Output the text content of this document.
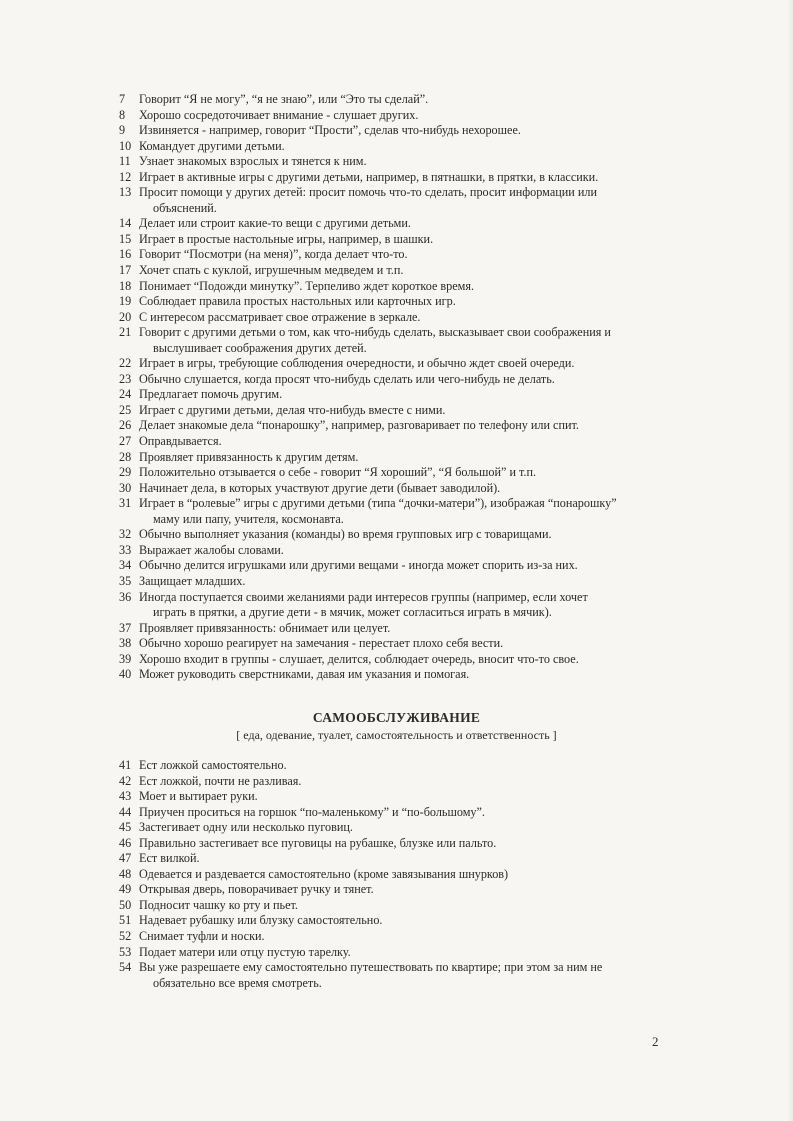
7	Говорит “Я не могу”, “я не знаю”, или “Это ты сделай”.
8	Хорошо сосредоточивает внимание - слушает других.
9	Извиняется - например, говорит “Прости”, сделав что-нибудь нехорошее.
10 Командует другими детьми.
11 Узнает знакомых взрослых и тянется к ним.
12 Играет в активные игры с другими детьми, например, в пятнашки, в прятки, в классики.
13 Просит помощи у других детей: просит помочь что-то сделать, просит информации или
объяснений.
14 Делает или строит какие-то вещи с другими детьми.
15 Играет в простые настольные игры, например, в шашки.
16 Говорит “Посмотри (на меня)”, когда делает что-то.
17 Хочет спать с куклой, игрушечным медведем и т.п.
18 Понимает “Подожди минутку”. Терпеливо ждет короткое время.
19 Соблюдает правила простых настольных или карточных игр.
20 С интересом рассматривает свое отражение в зеркале.
21 Говорит с другими детьми о том, как что-нибудь сделать, высказывает свои соображения и
выслушивает соображения других детей.
22 Играет в игры, требующие соблюдения очередности, и обычно ждет своей очереди.
23 Обычно слушается, когда просят что-нибудь сделать или чего-нибудь не делать.
24 Предлагает помочь другим.
25 Играет с другими детьми, делая что-нибудь вместе с ними.
26 Делает знакомые дела “понарошку”, например, разговаривает по телефону или спит.
27 Оправдывается.
28 Проявляет привязанность к другим детям.
29 Положительно отзывается о себе - говорит “Я хороший”, “Я большой” и т.п.
30 Начинает дела, в которых участвуют другие дети (бывает заводилой).
31 Играет в “ролевые” игры с другими детьми (типа “дочки-матери”), изображая “понарошку”
маму или папу, учителя, космонавта.
32 Обычно выполняет указания (команды) во время групповых игр с товарищами.
33 Выражает жалобы словами.
34 Обычно делится игрушками или другими вещами - иногда может спорить из-за них.
35 Защищает младших.
36 Иногда поступается своими желаниями ради интересов группы (например, если хочет
играть в прятки, а другие дети - в мячик, может согласиться играть в мячик).
37 Проявляет привязанность: обнимает или целует.
38 Обычно хорошо реагирует на замечания - перестает плохо себя вести.
39 Хорошо входит в группы - слушает, делится, соблюдает очередь, вносит что-то свое.
40 Может руководить сверстниками, давая им указания и помогая.
САМООБСЛУЖИВАНИЕ
[ еда, одевание, туалет, самостоятельность и ответственность ]
41 Ест ложкой самостоятельно.
42 Ест ложкой, почти не разливая.
43 Моет и вытирает руки.
44 Приучен проситься на горшок “по-маленькому” и “по-большому”.
45 Застегивает одну или несколько пуговиц.
46 Правильно застегивает все пуговицы на рубашке, блузке или пальто.
47 Ест вилкой.
48 Одевается и раздевается самостоятельно (кроме завязывания шнурков)
49 Открывая дверь, поворачивает ручку и тянет.
50 Подносит чашку ко рту и пьет.
51 Надевает рубашку или блузку самостоятельно.
52 Снимает туфли и носки.
53 Подает матери или отцу пустую тарелку.
54 Вы уже разрешаете ему самостоятельно путешествовать по квартире; при этом за ним не
обязательно все время смотреть.
2
